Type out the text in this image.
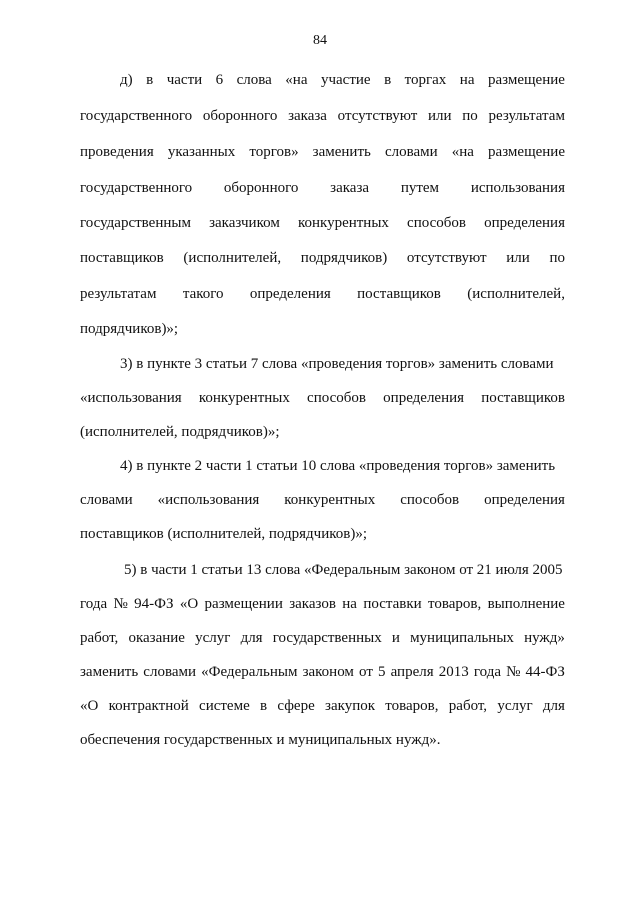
84
д) в части 6 слова «на участие в торгах на размещение
государственного оборонного заказа отсутствуют или по результатам
проведения указанных торгов» заменить словами «на размещение
государственного оборонного заказа путем использования
государственным заказчиком конкурентных способов определения
поставщиков (исполнителей, подрядчиков) отсутствуют или по
результатам такого определения поставщиков (исполнителей,
подрядчиков)»;
3) в пункте 3 статьи 7 слова «проведения торгов» заменить словами
«использования конкурентных способов определения поставщиков
(исполнителей, подрядчиков)»;
4) в пункте 2 части 1 статьи 10 слова «проведения торгов» заменить
словами «использования конкурентных способов определения
поставщиков (исполнителей, подрядчиков)»;
5) в части 1 статьи 13 слова «Федеральным законом от 21 июля 2005
года № 94-ФЗ «О размещении заказов на поставки товаров, выполнение
работ, оказание услуг для государственных и муниципальных нужд»
заменить словами «Федеральным законом от 5 апреля 2013 года № 44-ФЗ
«О контрактной системе в сфере закупок товаров, работ, услуг для
обеспечения государственных и муниципальных нужд».
